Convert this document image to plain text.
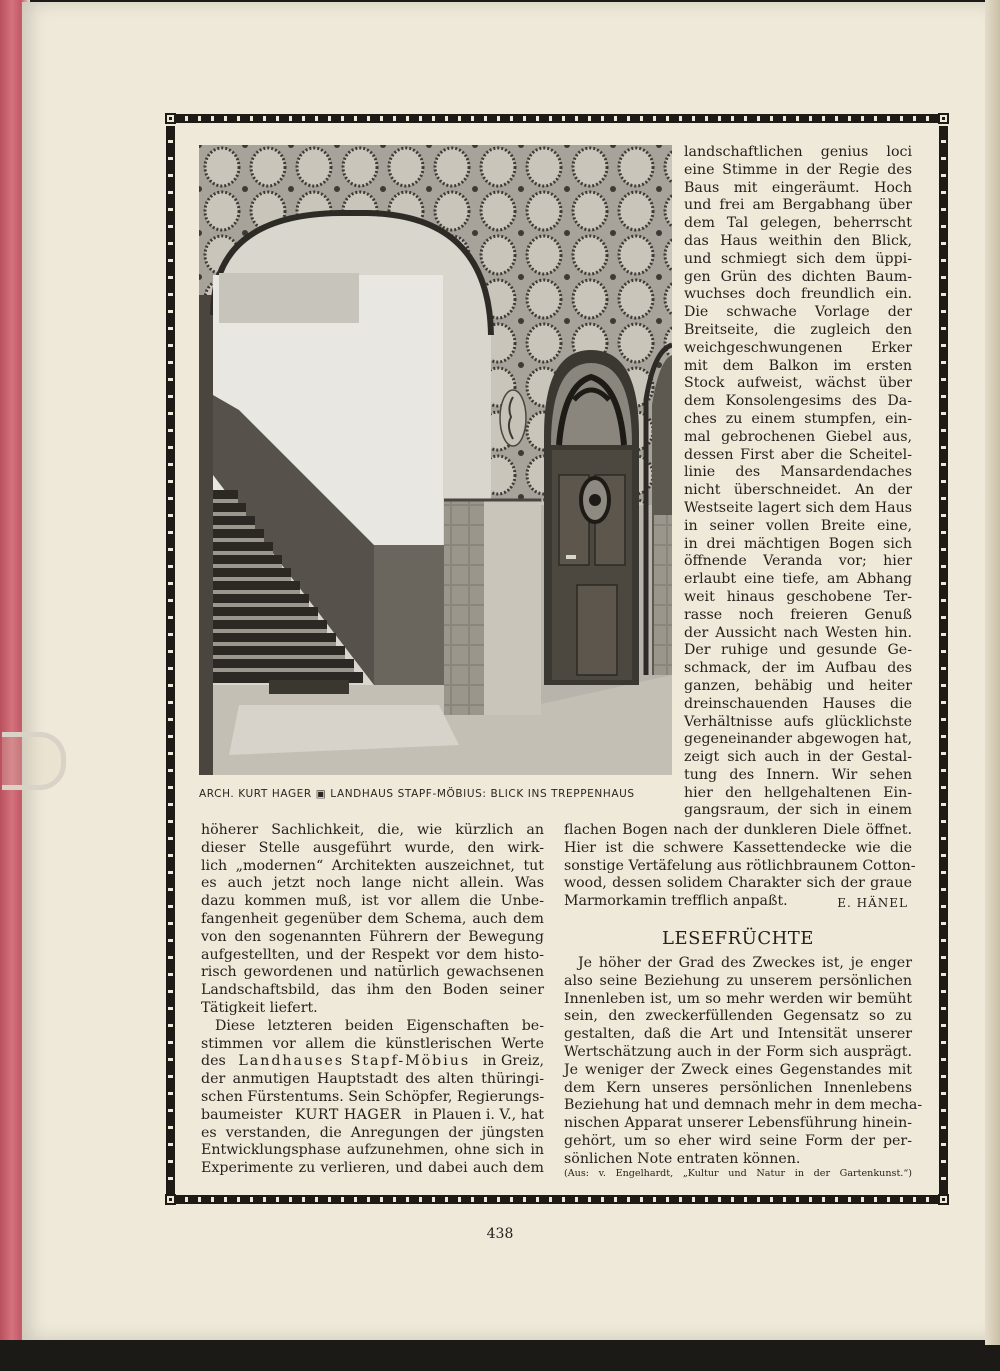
ARCH. KURT HAGER ▣ LANDHAUS STAPF-MÖBIUS: BLICK INS TREPPENHAUS
landschaftlichen genius loci
eine Stimme in der Regie des
Baus mit eingeräumt. Hoch
und frei am Bergabhang über
dem Tal gelegen, beherrscht
das Haus weithin den Blick,
und schmiegt sich dem üppi-
gen Grün des dichten Baum-
wuchses doch freundlich ein.
Die schwache Vorlage der
Breitseite, die zugleich den
weichgeschwungenen Erker
mit dem Balkon im ersten
Stock aufweist, wächst über
dem Konsolengesims des Da-
ches zu einem stumpfen, ein-
mal gebrochenen Giebel aus,
dessen First aber die Scheitel-
linie des Mansardendaches
nicht überschneidet. An der
Westseite lagert sich dem Haus
in seiner vollen Breite eine,
in drei mächtigen Bogen sich
öffnende Veranda vor; hier
erlaubt eine tiefe, am Abhang
weit hinaus geschobene Ter-
rasse noch freieren Genuß
der Aussicht nach Westen hin.
Der ruhige und gesunde Ge-
schmack, der im Aufbau des
ganzen, behäbig und heiter
dreinschauenden Hauses die
Verhältnisse aufs glücklichste
gegeneinander abgewogen hat,
zeigt sich auch in der Gestal-
tung des Innern. Wir sehen
hier den hellgehaltenen Ein-
gangsraum, der sich in einem
flachen Bogen nach der dunkleren Diele öffnet.
Hier ist die schwere Kassettendecke wie die
sonstige Vertäfelung aus rötlichbraunem Cotton-
wood, dessen solidem Charakter sich der graue
Marmorkamin trefflich anpaßt.	E. HÄNEL
höherer Sachlichkeit, die, wie kürzlich an
dieser Stelle ausgeführt wurde, den wirk-
lich „modernen“ Architekten auszeichnet, tut
es auch jetzt noch lange nicht allein. Was
dazu kommen muß, ist vor allem die Unbe-
fangenheit gegenüber dem Schema, auch dem
von den sogenannten Führern der Bewegung
aufgestellten, und der Respekt vor dem histo-
risch gewordenen und natürlich gewachsenen
Landschaftsbild, das ihm den Boden seiner
Tätigkeit liefert.
Diese letzteren beiden Eigenschaften be-
stimmen vor allem die künstlerischen Werte
des Landhauses Stapf-Möbius in Greiz,
der anmutigen Hauptstadt des alten thüringi-
schen Fürstentums. Sein Schöpfer, Regierungs-
baumeister KURT HAGER in Plauen i. V., hat
es verstanden, die Anregungen der jüngsten
Entwicklungsphase aufzunehmen, ohne sich in
Experimente zu verlieren, und dabei auch dem
LESEFRÜCHTE
Je höher der Grad des Zweckes ist, je enger
also seine Beziehung zu unserem persönlichen
Innenleben ist, um so mehr werden wir bemüht
sein, den zweckerfüllenden Gegensatz so zu
gestalten, daß die Art und Intensität unserer
Wertschätzung auch in der Form sich ausprägt.
Je weniger der Zweck eines Gegenstandes mit
dem Kern unseres persönlichen Innenlebens
Beziehung hat und demnach mehr in dem mecha-
nischen Apparat unserer Lebensführung hinein-
gehört, um so eher wird seine Form der per-
sönlichen Note entraten können.
(Aus: v. Engelhardt, „Kultur und Natur in der Gartenkunst.“)
438
